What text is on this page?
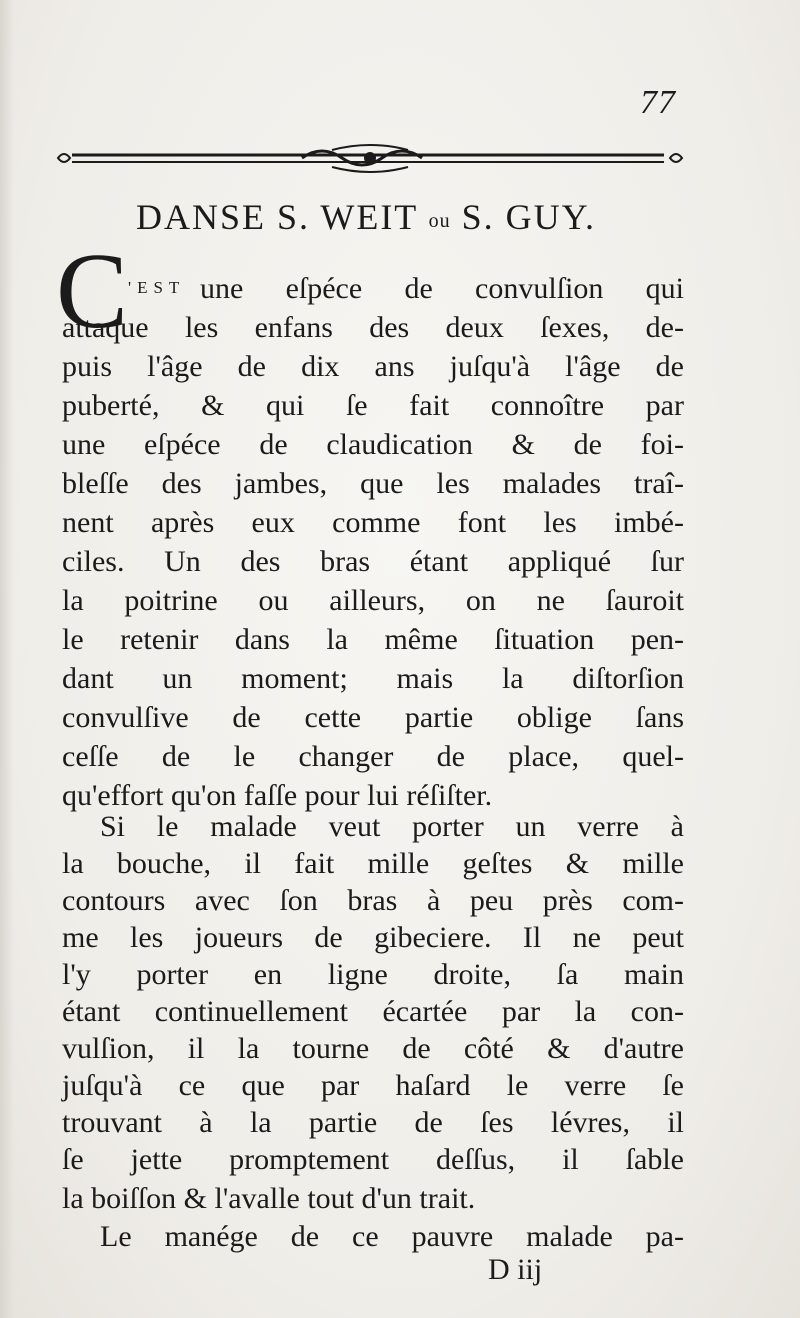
77
DANSE S. WEIT ou S. GUY.
C 'EST une eſpéce de convulſion qui
attaque les enfans des deux ſexes, de-
puis l'âge de dix ans juſqu'à l'âge de
puberté, & qui ſe fait connoître par
une eſpéce de claudication & de foi-
bleſſe des jambes, que les malades traî-
nent après eux comme font les imbé-
ciles. Un des bras étant appliqué ſur
la poitrine ou ailleurs, on ne ſauroit
le retenir dans la même ſituation pen-
dant un moment; mais la diſtorſion
convulſive de cette partie oblige ſans
ceſſe de le changer de place, quel-
qu'effort qu'on faſſe pour lui réſiſter.
Si le malade veut porter un verre à
la bouche, il fait mille geſtes & mille
contours avec ſon bras à peu près com-
me les joueurs de gibeciere. Il ne peut
l'y porter en ligne droite, ſa main
étant continuellement écartée par la con-
vulſion, il la tourne de côté & d'autre
juſqu'à ce que par haſard le verre ſe
trouvant à la partie de ſes lévres, il
ſe jette promptement deſſus, il ſable
la boiſſon & l'avalle tout d'un trait.
Le manége de ce pauvre malade pa-
D iij
